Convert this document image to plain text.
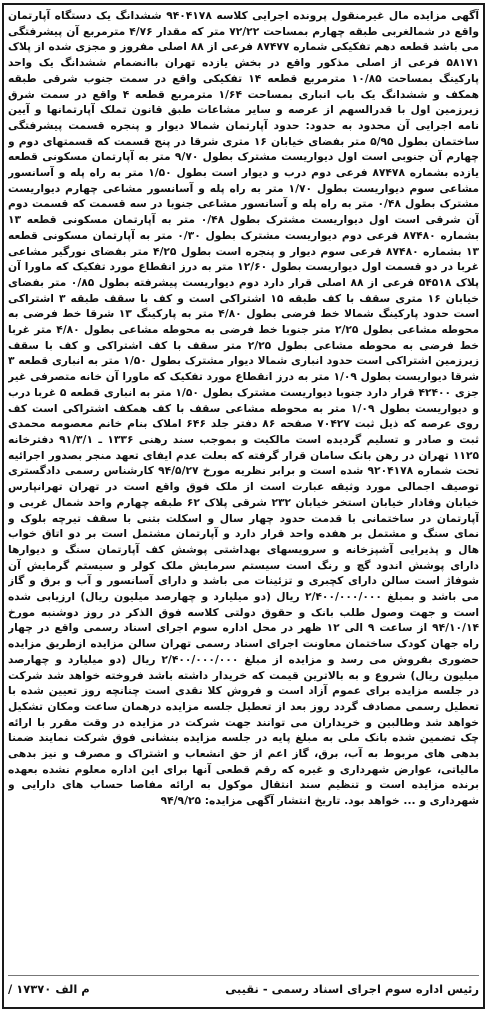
آگهی مزایده مال غیرمنقول پرونده اجرایی کلاسه ۹۴۰۴۱۷۸ ششدانگ یک دستگاه آپارتمان واقع در شمالغربی طبقه چهارم بمساحت ۷۲/۲۲ متر که مقدار ۴/۷۶ مترمربع آن پیشرفتگی می باشد قطعه دهم تفکیکی شماره ۸۷۴۷۷ فرعی از ۸۸ اصلی مفروز و مجزی شده از پلاک ۵۸۱۷۱ فرعی از اصلی مذکور واقع در بخش یازده تهران باانضمام ششدانگ یک واحد پارکینگ بمساحت ۱۰/۸۵ مترمربع قطعه ۱۴ تفکیکی واقع در سمت جنوب شرقی طبقه همکف و ششدانگ یک باب انباری بمساحت ۱/۶۴ مترمربع قطعه ۴ واقع در سمت شرق زیرزمین اول با قدرالسهم از عرصه و سایر مشاعات طبق قانون تملک آپارتمانها و آیین نامه اجرایی آن محدود به حدود: حدود آپارتمان شمالا دیوار و پنجره قسمت پیشرفتگی ساختمان بطول ۵/۹۵ متر بفضای خیابان ۱۶ متری شرقا در پنج قسمت که قسمتهای دوم و چهارم آن جنوبی است اول دیواریست مشترک بطول ۹/۷۰ متر به آپارتمان مسکونی قطعه یازده بشماره ۸۷۴۷۸ فرعی دوم درب و دیوار است بطول ۱/۵۰ متر به راه پله و آسانسور مشاعی سوم دیواریست بطول ۱/۷۰ متر به راه پله و آسانسور مشاعی چهارم دیواریست مشترک بطول ۰/۴۸ متر به راه پله و آسانسور مشاعی جنوبا در سه قسمت که قسمت دوم آن شرقی است اول دیواریست مشترک بطول ۰/۴۸ متر به آپارتمان مسکونی قطعه ۱۳ بشماره ۸۷۴۸۰ فرعی دوم دیواریست مشترک بطول ۰/۳۰ متر به آپارتمان مسکونی قطعه ۱۳ بشماره ۸۷۴۸۰ فرعی سوم دیوار و پنجره است بطول ۴/۲۵ متر بفضای نورگیر مشاعی غربا در دو قسمت اول دیواریست بطول ۱۲/۶۰ متر به درز انقطاع مورد تفکیک که ماورا آن پلاک ۵۴۵۱۸ فرعی از ۸۸ اصلی قرار دارد دوم دیواریست پیشرفته بطول ۰/۸۵ متر بفضای خیابان ۱۶ متری سقف با کف طبقه ۱۵ اشتراکی است و کف با سقف طبقه ۳ اشتراکی است حدود پارکینگ شمالا خط فرضی بطول ۴/۸۰ متر به پارکینگ ۱۳ شرقا خط فرضی به محوطه مشاعی بطول ۲/۲۵ متر جنوبا خط فرضی به محوطه مشاعی بطول ۴/۸۰ متر غربا خط فرضی به محوطه مشاعی بطول ۲/۲۵ متر سقف با کف اشتراکی و کف با سقف زیرزمین اشتراکی است حدود انباری شمالا دیوار مشترک بطول ۱/۵۰ متر به انباری قطعه ۳ شرقا دیواریست بطول ۱/۰۹ متر به درز انقطاع مورد تفکیک که ماورا آن خانه متصرفی غیر جزی ۴۲۴۰۰ قرار دارد جنوبا دیواریست مشترک بطول ۱/۵۰ متر به انباری قطعه ۵ غربا درب و دیواریست بطول ۱/۰۹ متر به محوطه مشاعی سقف با کف همکف اشتراکی است کف روی عرصه که ذیل ثبت ۷۰۴۲۷ صفحه ۸۶ دفتر جلد ۶۴۶ املاک بنام خانم معصومه محمدی ثبت و صادر و تسلیم گردیده است مالکیت و بموجب سند رهنی ۱۳۳۶ ـ ۹۱/۳/۱ دفترخانه ۱۱۲۵ تهران در رهن بانک سامان قرار گرفته که بعلت عدم ایفای تعهد منجر بصدور اجرائیه تحت شماره ۹۲۰۴۱۷۸ شده است و برابر نظریه مورخ ۹۴/۵/۲۷ کارشناس رسمی دادگستری توصیف اجمالی مورد وثیقه عبارت است از ملک فوق واقع است در تهران تهرانپارس خیابان وفادار خیابان استخر خیابان ۲۳۲ شرقی پلاک ۶۲ طبقه چهارم واحد شمال غربی و آپارتمان در ساختمانی با قدمت حدود چهار سال و اسکلت بتنی با سقف تیرچه بلوک و نمای سنگ و مشتمل بر هفده واحد قرار دارد و آپارتمان مشتمل است بر دو اتاق خواب هال و پذیرایی آشپزخانه و سرویسهای بهداشتی پوشش کف آپارتمان سنگ و دیوارها دارای پوشش اندود گچ و رنگ است سیستم سرمایش ملک کولر و سیستم گرمایش آن شوفاژ است سالن دارای کچبری و تزئینات می باشد و دارای آسانسور و آب و برق و گاز می باشد و بمبلغ ۲/۴۰۰/۰۰۰/۰۰۰ ریال (دو میلیارد و چهارصد میلیون ریال) ارزیابی شده است و جهت وصول طلب بانک و حقوق دولتی کلاسه فوق الذکر در روز دوشنبه مورخ ۹۴/۱۰/۱۴ از ساعت ۹ الی ۱۲ ظهر در محل اداره سوم اجرای اسناد رسمی واقع در چهار راه جهان کودک ساختمان معاونت اجرای اسناد رسمی تهران سالن مزایده ازطریق مزایده حضوری بفروش می رسد و مزایده از مبلغ ۲/۴۰۰/۰۰۰/۰۰۰ ریال (دو میلیارد و چهارصد میلیون ریال) شروع و به بالاترین قیمت که خریدار داشته باشد فروخته خواهد شد شرکت در جلسه مزایده برای عموم آزاد است و فروش کلا نقدی است چنانچه روز تعیین شده با تعطیل رسمی مصادف گردد روز بعد از تعطیل جلسه مزایده درهمان ساعت ومکان تشکیل خواهد شد وطالبین و خریداران می توانند جهت شرکت در مزایده در وقت مقرر با ارائه چک تضمین شده بانک ملی به مبلغ پایه در جلسه مزایده بنشانی فوق شرکت نمایند ضمنا بدهی های مربوط به آب، برق، گاز اعم از حق انشعاب و اشتراک و مصرف و نیز بدهی مالیاتی، عوارض شهرداری و غیره که رقم قطعی آنها برای این اداره معلوم نشده بعهده برنده مزایده است و تنظیم سند انتقال موکول به ارائه مفاصا حساب های دارایی و شهرداری و ... خواهد بود. تاریخ انتشار آگهی مزایده: ۹۴/۹/۲۵

رئیس اداره سوم اجرای اسناد رسمی - نقیبی
م الف ۱۷۳۷۰ /
